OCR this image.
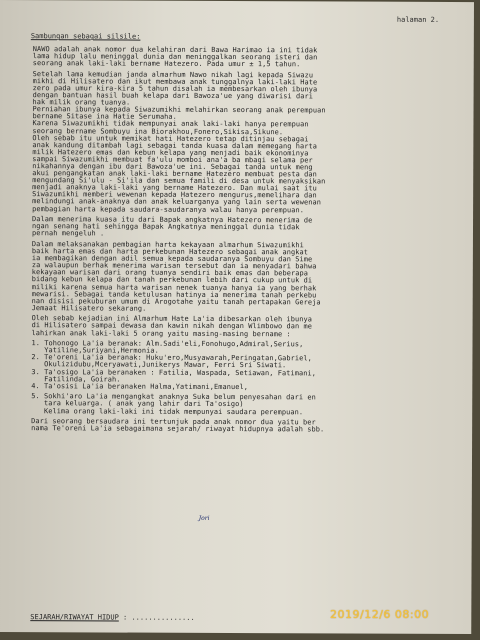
halaman 2.
Sambungan sebagai silsile:
NAWO adalah anak nomor dua kelahiran dari Bawa Harimao ia ini tidak
lama hidup lalu meninggal dunia dan meninggalkan seorang isteri dan
seorang anak laki-laki bername Hatezero. Pada umur ± 1,5 tahun.
Setelah lama kemudian janda almarhum Nawo nikah lagi kepada Siwazu
mikhi di Hilisatero dan ikut membawa anak tunggalnya laki-laki Hate
zero pada umur kira-kira 5 tahun disalah ia membesarkan oleh ibunya
dengan bantuan hasil buah kelapa dari Bawoza'ue yang diwarisi dari
hak milik orang tuanya.
Perniahan ibunya kepada Siwazumikhi melahirkan seorang anak perempuan
bername Sitase ina Hatie Serumaha.
Karena Siwazumikhi tidak mempunyai anak laki-laki hanya perempuan
seorang bername Sombuyu ina Biorakhou,Fonero,Sikisa,Sikune.
Oleh sebab itu untuk memikat hati Hatezero tetap ditinjau sebagai
anak kandung ditambah lagi sebagai tanda kuasa dalam memegang harta
milik Hatezero emas dan kebun kelapa yang menjadi baik ekonominya
sampai Siwazumikhi membuat fa'ulu momboi ana'a ba mbagi selama per
nikahannya dengan ibu dari Bawoza'ue ini. Sebagai tanda untuk meng
akui pengangkatan anak laki-laki bername Hatezero membuat pesta dan
mengundang Si'ulu - Si'ila dan semua famili di desa untuk menyaksikan
menjadi anaknya laki-laki yang bername Hatezero. Dan mulai saat itu
Siwazumikhi memberi wewenan kepada Hatezero mengurus,memelihara dan
melindungi anak-anaknya dan anak keluarganya yang lain serta wewenan
pembagian harta kepada saudara-saudaranya walau hanya perempuan.
Dalam menerima kuasa itu dari Bapak angkatnya Hatezero menerima de
ngan senang hati sehingga Bapak Angkatnya meninggal dunia tidak
pernah mengeluh .
Dalam melaksanakan pembagian harta kekayaan almarhum Siwazumikhi
baik harta emas dan harta perkebunan Hatezero sebagai anak angkat
ia membagikan dengan adil semua kepada saudaranya Sombuyu dan Sime
za walaupun berhak menerima warisan tersebut dan ia menyadari bahwa
kekayaan warisan dari orang tuanya sendiri baik emas dan beberapa
bidang kebun kelapa dan tanah perkebunan lebih dari cukup untuk di
miliki karena semua harta warisan nenek tuanya hanya ia yang berhak
mewarisi. Sebagai tanda ketulusan hatinya ia menerima tanah perkebu
nan disisi pekuburan umum di Arogotahe yaitu tanah pertapakan Gereja
Jemaat Hilisatero sekarang.
Oleh sebab kejadian ini Almarhum Hate La'ia dibesarkan oleh ibunya
di Hilisatero sampai dewasa dan kawin nikah dengan Wlimbowo dan me
lahirkan anak laki-laki 5 orang yaitu masing-masing bername :
1. Tohonogo La'ia beranak: Alm.Sadi'eli,Fonohugo,Admiral,Serius,
Yatiline,Suriyani,Hermonia.
2. Te'oreni La'ia beranak: Huku'ero,Musyawarah,Peringatan,Gabriel,
Okulizidubu,Mceryawati,Junikerys Mawar, Ferri Sri Siwati.
3. Ta'osigo La'ia beranaken : Fatilia, Waspada, Setiawan, Fatimani,
Fatilinda, Goirah.
4. Ta'osisi La'ia beranaken Halma,Yatimani,Emanuel,
5. Sokhi'aro La'ia mengangkat anaknya Suka belum penyesahan dari en
tara keluarga. ( anak yang lahir dari Ta'osigo)
Kelima orang laki-laki ini tidak mempunyai saudara perempuan.
Dari seorang bersaudara ini tertunjuk pada anak nomor dua yaitu ber
nama Te'oreni La'ia sebagaimana sejarah/ riwayat hidupnya adalah sbb.
Jori
SEJARAH/RIWAYAT HIDUP : ...............	2019/12/6 08:00
